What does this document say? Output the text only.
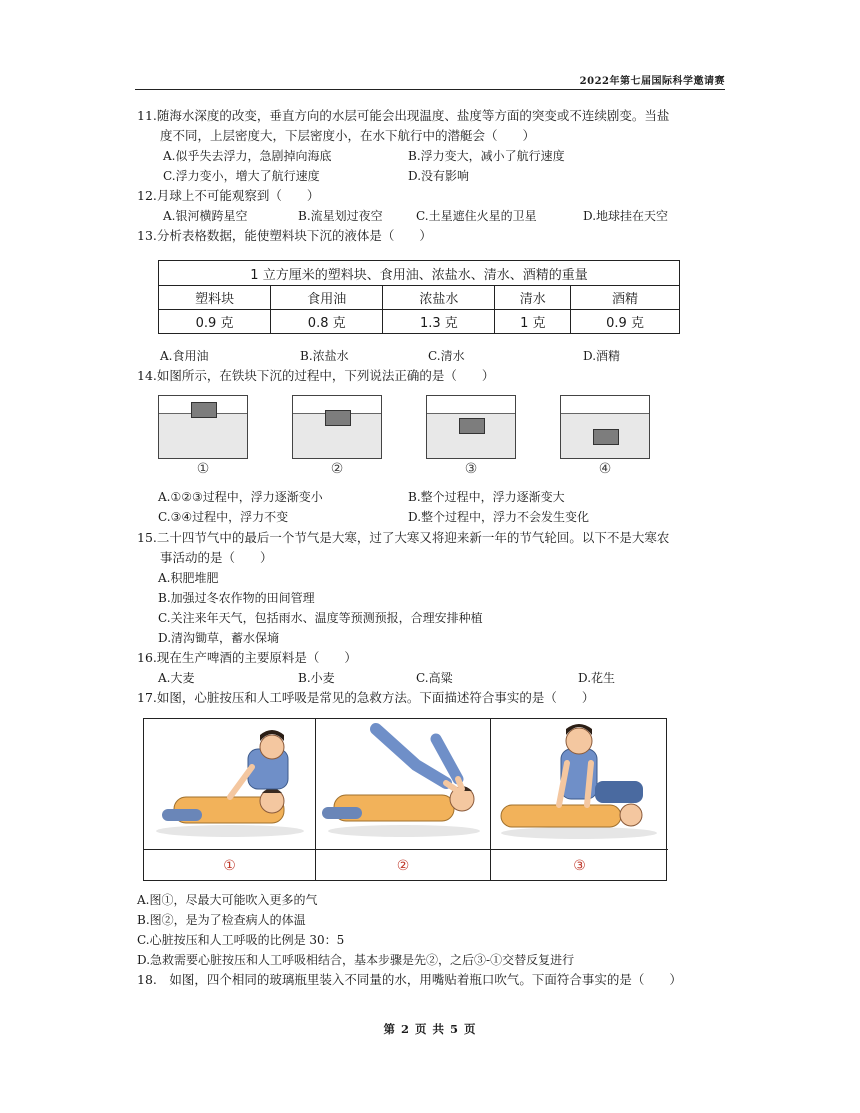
2022年第七届国际科学邀请赛
11.随海水深度的改变，垂直方向的水层可能会出现温度、盐度等方面的突变或不连续剧变。当盐
度不同，上层密度大，下层密度小，在水下航行中的潜艇会（　　）
A.似乎失去浮力，急剧掉向海底	B.浮力变大，减小了航行速度
C.浮力变小，增大了航行速度	D.没有影响
12.月球上不可能观察到（　　）
A.银河横跨星空	B.流星划过夜空	C.土星遮住火星的卫星	D.地球挂在天空
13.分析表格数据，能使塑料块下沉的液体是（　　）
1 立方厘米的塑料块、食用油、浓盐水、清水、酒精的重量				
塑料块	食用油	浓盐水	清水	酒精
0.9 克	0.8 克	1.3 克	1 克	0.9 克
A.食用油	B.浓盐水	C.清水	D.酒精
14.如图所示，在铁块下沉的过程中，下列说法正确的是（　　）
①	②	③	④
A.①②③过程中，浮力逐渐变小	B.整个过程中，浮力逐渐变大
C.③④过程中，浮力不变	D.整个过程中，浮力不会发生变化
15.二十四节气中的最后一个节气是大寒，过了大寒又将迎来新一年的节气轮回。以下不是大寒农
事活动的是（　　）
A.积肥堆肥
B.加强过冬农作物的田间管理
C.关注来年天气，包括雨水、温度等预测预报，合理安排种植
D.清沟锄草，蓄水保墒
16.现在生产啤酒的主要原料是（　　）
A.大麦	B.小麦	C.高粱	D.花生
17.如图，心脏按压和人工呼吸是常见的急救方法。下面描述符合事实的是（　　）
①	②	③
A.图①，尽最大可能吹入更多的气
B.图②，是为了检查病人的体温
C.心脏按压和人工呼吸的比例是 30：5
D.急救需要心脏按压和人工呼吸相结合，基本步骤是先②，之后③-①交替反复进行
18.　如图，四个相同的玻璃瓶里装入不同量的水，用嘴贴着瓶口吹气。下面符合事实的是（　　）
第 2 页 共 5 页
